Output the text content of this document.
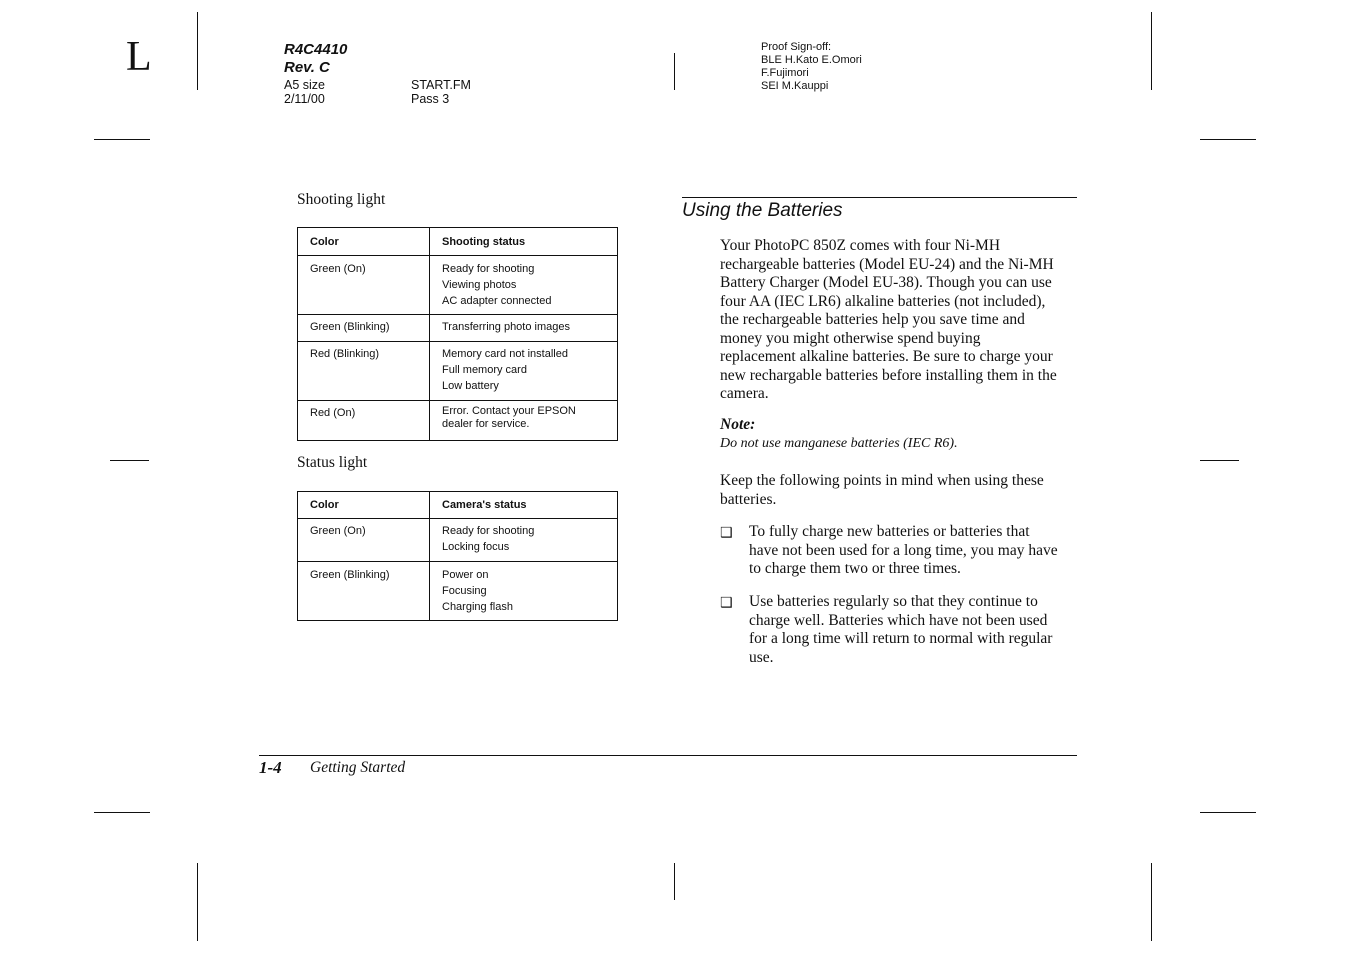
L	R4C4410
Rev. C
A5 size
2/11/00
START.FM
Pass 3
Proof Sign-off:
BLE H.Kato E.Omori
F.Fujimori
SEI M.Kauppi
Shooting light
Color	Shooting status
Green (On)	Ready for shooting
Viewing photos
AC adapter connected

Green (Blinking)	Transferring photo images

Red (Blinking)	Memory card not installed
Full memory card
Low battery

Red (On)	Error. Contact your EPSON
dealer for service.
Status light
Color	Camera's status
Green (On)	Ready for shooting
Locking focus

Green (Blinking)	Power on
Focusing
Charging flash
Using the Batteries
Your PhotoPC 850Z comes with four Ni-MH
rechargeable batteries (Model EU-24) and the Ni-MH
Battery Charger (Model EU-38). Though you can use
four AA (IEC LR6) alkaline batteries (not included),
the rechargeable batteries help you save time and
money you might otherwise spend buying
replacement alkaline batteries. Be sure to charge your
new rechargable batteries before installing them in the
camera.
Note:
Do not use manganese batteries (IEC R6).
Keep the following points in mind when using these
batteries.
❑ To fully charge new batteries or batteries that
have not been used for a long time, you may have
to charge them two or three times.
❑ Use batteries regularly so that they continue to
charge well. Batteries which have not been used
for a long time will return to normal with regular
use.
1-4 Getting Started
